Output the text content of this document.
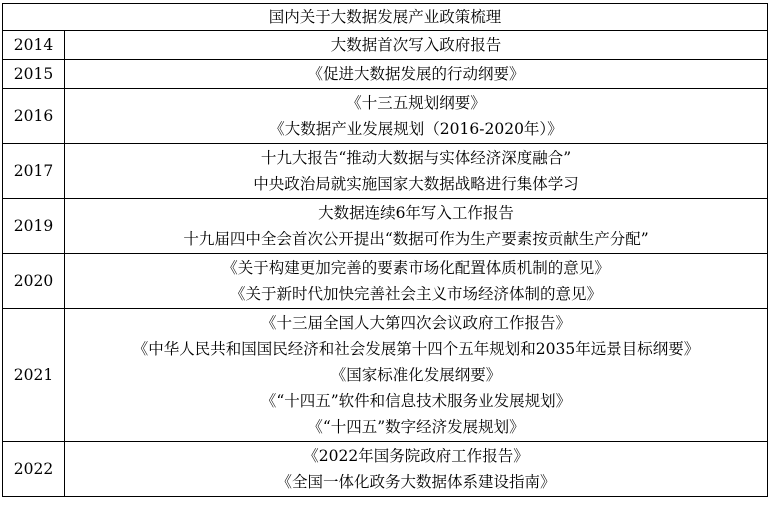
国内关于大数据发展产业政策梳理	
2014	大数据首次写入政府报告

2015	《促进大数据发展的行动纲要》

2016	《十三五规划纲要》
《大数据产业发展规划（2016-2020年）》

2017	十九大报告“推动大数据与实体经济深度融合”
中央政治局就实施国家大数据战略进行集体学习

2019	大数据连续6年写入工作报告
十九届四中全会首次公开提出“数据可作为生产要素按贡献生产分配”

2020	《关于构建更加完善的要素市场化配置体质机制的意见》
《关于新时代加快完善社会主义市场经济体制的意见》

2021	《十三届全国人大第四次会议政府工作报告》
《中华人民共和国国民经济和社会发展第十四个五年规划和2035年远景目标纲要》
《国家标准化发展纲要》
《“十四五”软件和信息技术服务业发展规划》
《“十四五”数字经济发展规划》

2022	《2022年国务院政府工作报告》
《全国一体化政务大数据体系建设指南》
